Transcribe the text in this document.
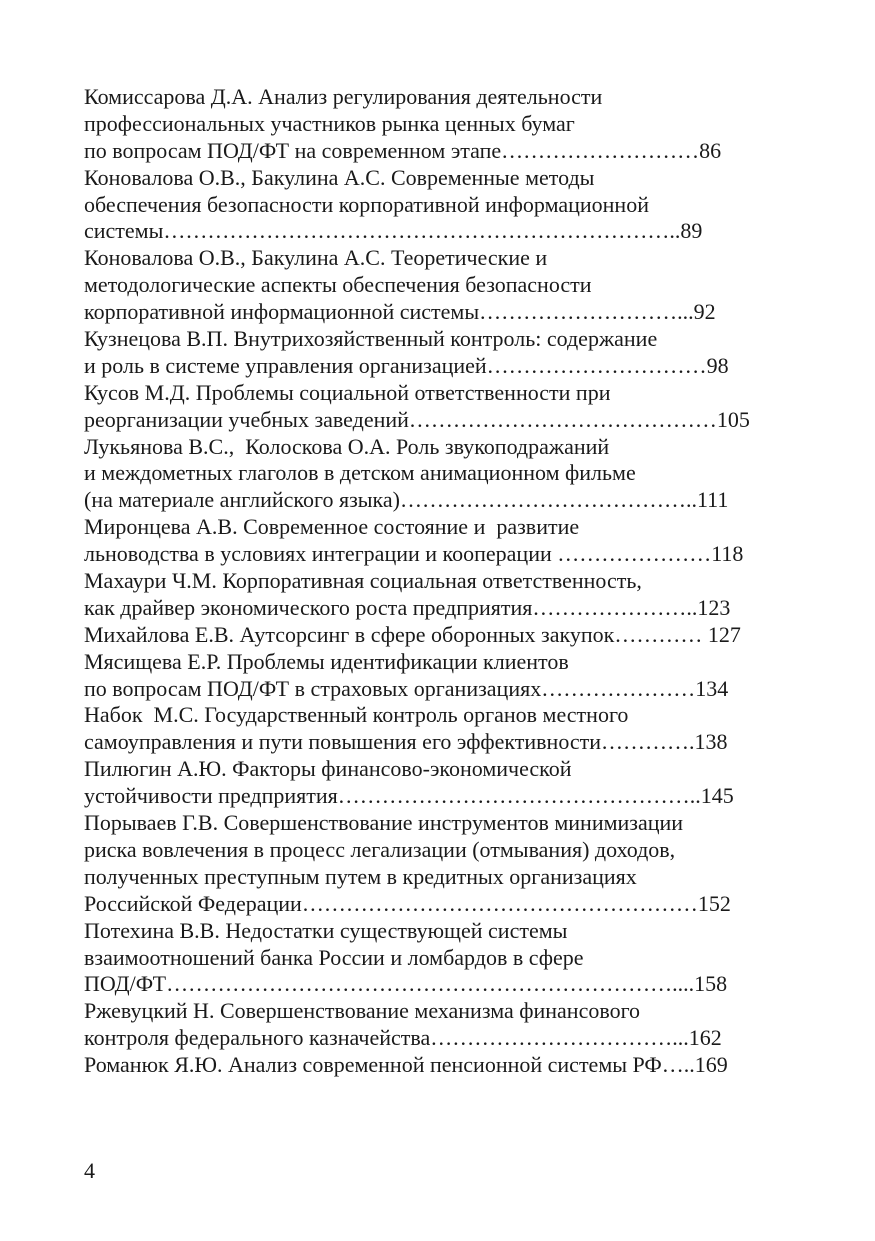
Комиссарова Д.А. Анализ регулирования деятельности
профессиональных участников рынка ценных бумаг
по вопросам ПОД/ФТ на современном этапе………………………86
Коновалова О.В., Бакулина А.С. Современные методы
обеспечения безопасности корпоративной информационной
системы……………………………………………………………..89
Коновалова О.В., Бакулина А.С. Теоретические и
методологические аспекты обеспечения безопасности
корпоративной информационной системы………………………...92
Кузнецова В.П. Внутрихозяйственный контроль: содержание
и роль в системе управления организацией…………………………98
Кусов М.Д. Проблемы социальной ответственности при
реорганизации учебных заведений……………………………………105
Лукьянова В.С.,  Колоскова О.А. Роль звукоподражаний
и междометных глаголов в детском анимационном фильме
(на материале английского языка)…………………………………..111
Миронцева А.В. Современное состояние и  развитие
льноводства в условиях интеграции и кооперации …………………118
Махаури Ч.М. Корпоративная социальная ответственность,
как драйвер экономического роста предприятия…………………..123
Михайлова Е.В. Аутсорсинг в сфере оборонных закупок………… 127
Мясищева Е.Р. Проблемы идентификации клиентов
по вопросам ПОД/ФТ в страховых организациях…………………134
Набок  М.С. Государственный контроль органов местного
самоуправления и пути повышения его эффективности………….138
Пилюгин А.Ю. Факторы финансово-экономической
устойчивости предприятия…………………………………………..145
Порываев Г.В. Совершенствование инструментов минимизации
риска вовлечения в процесс легализации (отмывания) доходов,
полученных преступным путем в кредитных организациях
Российской Федерации………………………………………………152
Потехина В.В. Недостатки существующей системы
взаимоотношений банка России и ломбардов в сфере
ПОД/ФТ……………………………………………………………....158
Ржевуцкий Н. Совершенствование механизма финансового
контроля федерального казначейства……………………………...162
Романюк Я.Ю. Анализ современной пенсионной системы РФ…..169
4
